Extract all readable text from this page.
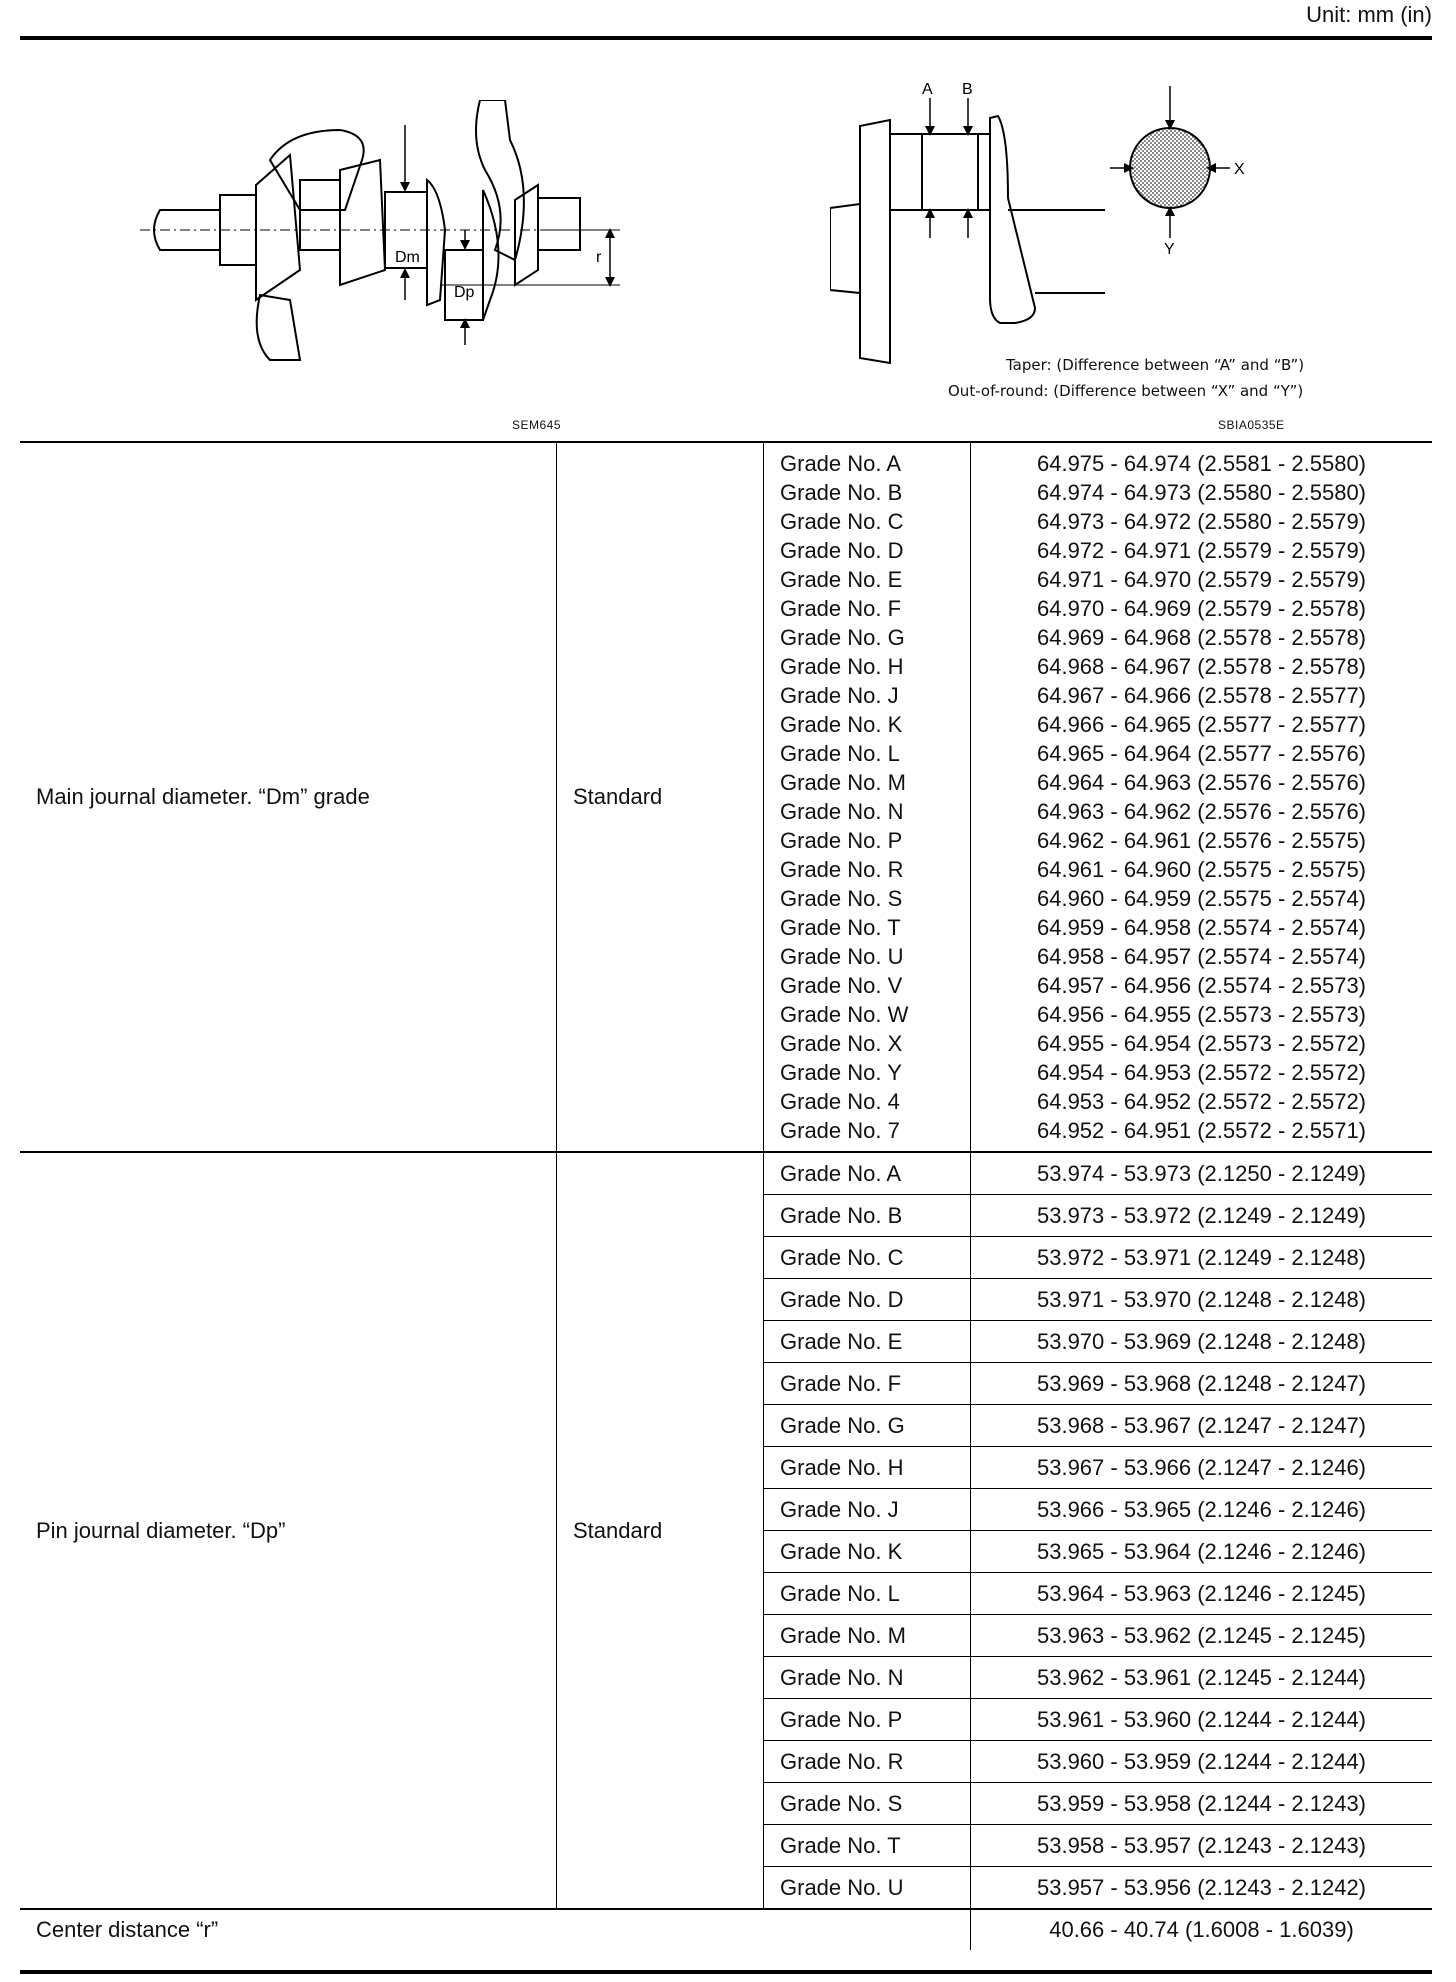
Unit: mm (in)
Dm
Dp
r
SEM645
A B
X
Y
Taper: (Difference between “A” and “B”)
Out-of-round: (Difference between “X” and “Y”)
SBIA0535E
Main journal diameter. “Dm” grade	Standard	Grade No. A	64.975 - 64.974 (2.5581 - 2.5580)
		Grade No. B	64.974 - 64.973 (2.5580 - 2.5580)
		Grade No. C	64.973 - 64.972 (2.5580 - 2.5579)
		Grade No. D	64.972 - 64.971 (2.5579 - 2.5579)
		Grade No. E	64.971 - 64.970 (2.5579 - 2.5579)
		Grade No. F	64.970 - 64.969 (2.5579 - 2.5578)
		Grade No. G	64.969 - 64.968 (2.5578 - 2.5578)
		Grade No. H	64.968 - 64.967 (2.5578 - 2.5578)
		Grade No. J	64.967 - 64.966 (2.5578 - 2.5577)
		Grade No. K	64.966 - 64.965 (2.5577 - 2.5577)
		Grade No. L	64.965 - 64.964 (2.5577 - 2.5576)
		Grade No. M	64.964 - 64.963 (2.5576 - 2.5576)
		Grade No. N	64.963 - 64.962 (2.5576 - 2.5576)
		Grade No. P	64.962 - 64.961 (2.5576 - 2.5575)
		Grade No. R	64.961 - 64.960 (2.5575 - 2.5575)
		Grade No. S	64.960 - 64.959 (2.5575 - 2.5574)
		Grade No. T	64.959 - 64.958 (2.5574 - 2.5574)
		Grade No. U	64.958 - 64.957 (2.5574 - 2.5574)
		Grade No. V	64.957 - 64.956 (2.5574 - 2.5573)
		Grade No. W	64.956 - 64.955 (2.5573 - 2.5573)
		Grade No. X	64.955 - 64.954 (2.5573 - 2.5572)
		Grade No. Y	64.954 - 64.953 (2.5572 - 2.5572)
		Grade No. 4	64.953 - 64.952 (2.5572 - 2.5572)
		Grade No. 7	64.952 - 64.951 (2.5572 - 2.5571)
Pin journal diameter. “Dp”	Standard	Grade No. A	53.974 - 53.973 (2.1250 - 2.1249)
		Grade No. B	53.973 - 53.972 (2.1249 - 2.1249)
		Grade No. C	53.972 - 53.971 (2.1249 - 2.1248)
		Grade No. D	53.971 - 53.970 (2.1248 - 2.1248)
		Grade No. E	53.970 - 53.969 (2.1248 - 2.1248)
		Grade No. F	53.969 - 53.968 (2.1248 - 2.1247)
		Grade No. G	53.968 - 53.967 (2.1247 - 2.1247)
		Grade No. H	53.967 - 53.966 (2.1247 - 2.1246)
		Grade No. J	53.966 - 53.965 (2.1246 - 2.1246)
		Grade No. K	53.965 - 53.964 (2.1246 - 2.1246)
		Grade No. L	53.964 - 53.963 (2.1246 - 2.1245)
		Grade No. M	53.963 - 53.962 (2.1245 - 2.1245)
		Grade No. N	53.962 - 53.961 (2.1245 - 2.1244)
		Grade No. P	53.961 - 53.960 (2.1244 - 2.1244)
		Grade No. R	53.960 - 53.959 (2.1244 - 2.1244)
		Grade No. S	53.959 - 53.958 (2.1244 - 2.1243)
		Grade No. T	53.958 - 53.957 (2.1243 - 2.1243)
		Grade No. U	53.957 - 53.956 (2.1243 - 2.1242)
Center distance “r”			40.66 - 40.74 (1.6008 - 1.6039)
